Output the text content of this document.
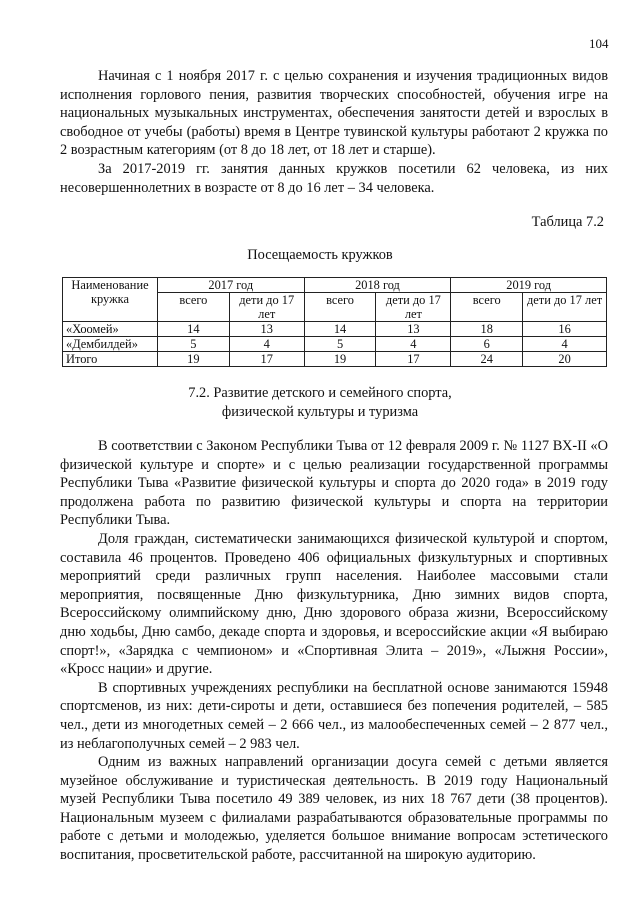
104

Начиная с 1 ноября 2017 г. с целью сохранения и изучения традиционных видов исполнения горлового пения, развития творческих способностей, обучения игре на национальных музыкальных инструментах, обеспечения занятости детей и взрослых в свободное от учебы (работы) время в Центре тувинской культуры работают 2 кружка по 2 возрастным категориям (от 8 до 18 лет, от 18 лет и старше).

За 2017-2019 гг. занятия данных кружков посетили 62 человека, из них несовершеннолетних в возрасте от 8 до 16 лет – 34 человека.

Таблица 7.2
Посещаемость кружков
Наименование кружка	2017 год		2018 год		2019 год	
	всего	дети до 17 лет	всего	дети до 17 лет	всего	дети до 17 лет
«Хоомей»	14	13	14	13	18	16
«Дембилдей»	5	4	5	4	6	4
Итого	19	17	19	17	24	20
7.2. Развитие детского и семейного спорта,
физической культуры и туризма

В соответствии с Законом Республики Тыва от 12 февраля 2009 г. № 1127 ВХ-II «О физической культуре и спорте» и с целью реализации государственной программы Республики Тыва «Развитие физической культуры и спорта до 2020 года» в 2019 году продолжена работа по развитию физической культуры и спорта на территории Республики Тыва.

Доля граждан, систематически занимающихся физической культурой и спортом, составила 46 процентов. Проведено 406 официальных физкультурных и спортивных мероприятий среди различных групп населения. Наиболее массовыми стали мероприятия, посвященные Дню физкультурника, Дню зимних видов спорта, Всероссийскому олимпийскому дню, Дню здорового образа жизни, Всероссийскому дню ходьбы, Дню самбо, декаде спорта и здоровья, и всероссийские акции «Я выбираю спорт!», «Зарядка с чемпионом» и «Спортивная Элита – 2019», «Лыжня России», «Кросс нации» и другие.

В спортивных учреждениях республики на бесплатной основе занимаются 15948 спортсменов, из них: дети-сироты и дети, оставшиеся без попечения родителей, – 585 чел., дети из многодетных семей – 2 666 чел., из малообеспеченных семей – 2 877 чел., из неблагополучных семей – 2 983 чел.

Одним из важных направлений организации досуга семей с детьми является музейное обслуживание и туристическая деятельность. В 2019 году Национальный музей Республики Тыва посетило 49 389 человек, из них 18 767 дети (38 процентов). Национальным музеем с филиалами разрабатываются образовательные программы по работе с детьми и молодежью, уделяется большое внимание вопросам эстетического воспитания, просветительской работе, рассчитанной на широкую аудиторию.
